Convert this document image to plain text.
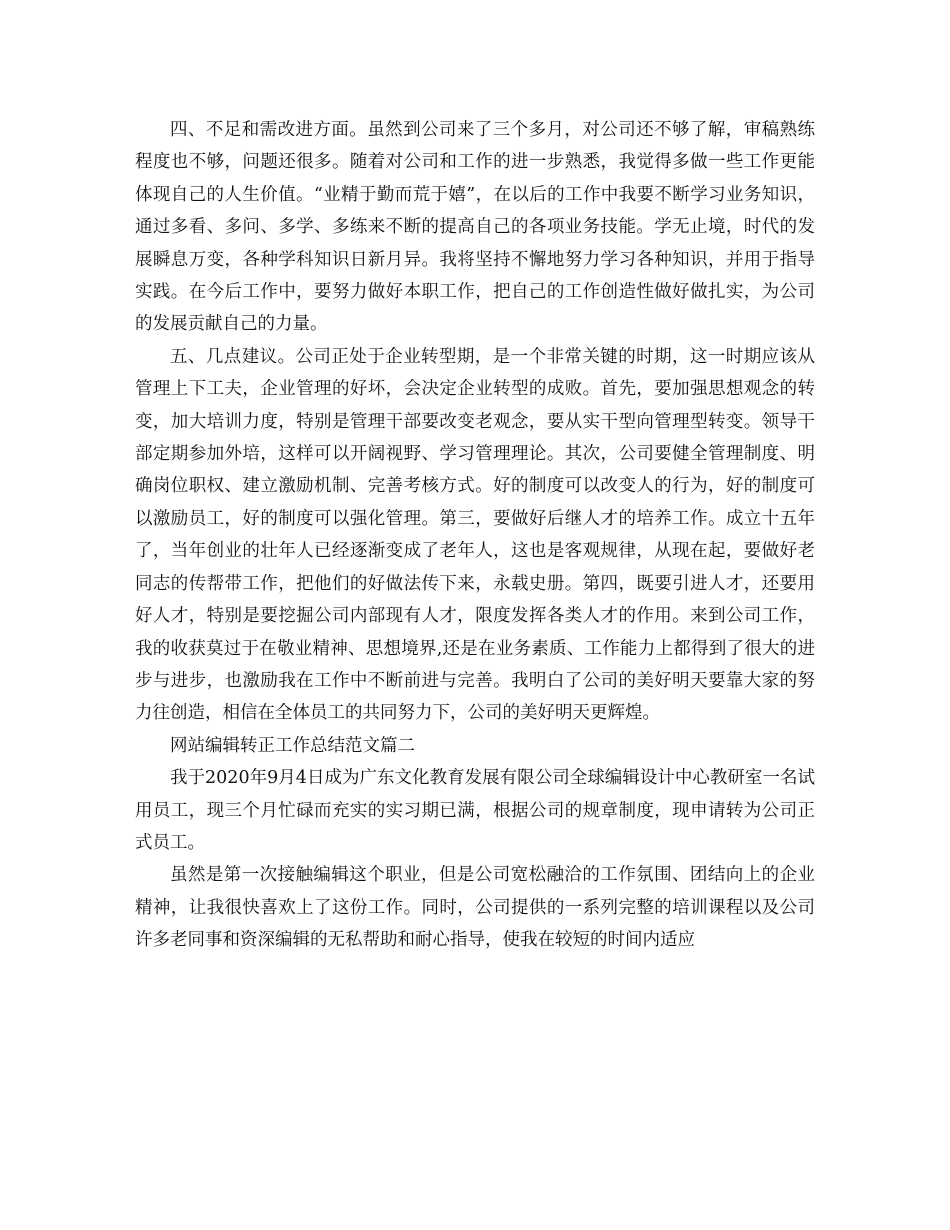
四、不足和需改进方面。虽然到公司来了三个多月，对公司还不够了解，审稿熟练程度也不够，问题还很多。随着对公司和工作的进一步熟悉，我觉得多做一些工作更能体现自己的人生价值。“业精于勤而荒于嬉”，在以后的工作中我要不断学习业务知识，通过多看、多问、多学、多练来不断的提高自己的各项业务技能。学无止境，时代的发展瞬息万变，各种学科知识日新月异。我将坚持不懈地努力学习各种知识，并用于指导实践。在今后工作中，要努力做好本职工作，把自己的工作创造性做好做扎实，为公司的发展贡献自己的力量。

五、几点建议。公司正处于企业转型期，是一个非常关键的时期，这一时期应该从管理上下工夫，企业管理的好坏，会决定企业转型的成败。首先，要加强思想观念的转变，加大培训力度，特别是管理干部要改变老观念，要从实干型向管理型转变。领导干部定期参加外培，这样可以开阔视野、学习管理理论。其次，公司要健全管理制度、明确岗位职权、建立激励机制、完善考核方式。好的制度可以改变人的行为，好的制度可以激励员工，好的制度可以强化管理。第三，要做好后继人才的培养工作。成立十五年了，当年创业的壮年人已经逐渐变成了老年人，这也是客观规律，从现在起，要做好老同志的传帮带工作，把他们的好做法传下来，永载史册。第四，既要引进人才，还要用好人才，特别是要挖掘公司内部现有人才，限度发挥各类人才的作用。来到公司工作，我的收获莫过于在敬业精神、思想境界,还是在业务素质、工作能力上都得到了很大的进步与进步，也激励我在工作中不断前进与完善。我明白了公司的美好明天要靠大家的努力往创造，相信在全体员工的共同努力下，公司的美好明天更辉煌。

网站编辑转正工作总结范文篇二

我于2020年9月4日成为广东文化教育发展有限公司全球编辑设计中心教研室一名试用员工，现三个月忙碌而充实的实习期已满，根据公司的规章制度，现申请转为公司正式员工。

虽然是第一次接触编辑这个职业，但是公司宽松融洽的工作氛围、团结向上的企业精神，让我很快喜欢上了这份工作。同时，公司提供的一系列完整的培训课程以及公司许多老同事和资深编辑的无私帮助和耐心指导，使我在较短的时间内适应
